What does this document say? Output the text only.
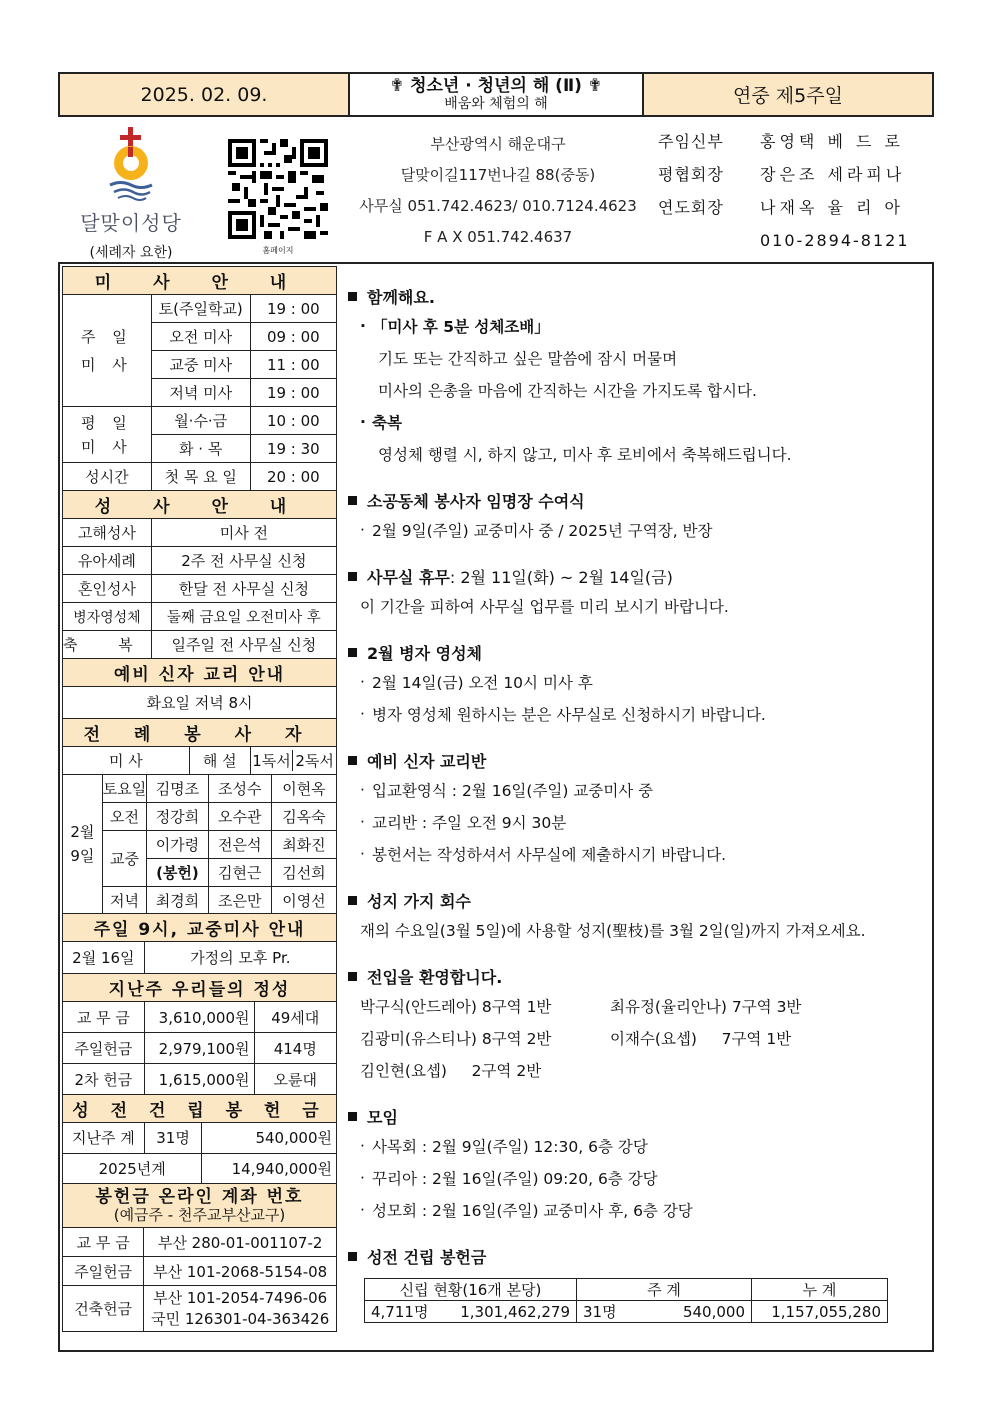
2025. 02. 09.	✟ 청소년 · 청년의 해 (Ⅱ) ✟
배움와 체험의 해	연중 제5주일
달맞이성당
(세례자 요한)	홈페이지
부산광역시 해운대구
달맞이길117번나길 88(중동)
사무실 051.742.4623/ 010.7124.4623
F A X 051.742.4637
주임신부	홍영택 베 드 로
평협회장	장은조 세라피나
연도회장	나재옥 율 리 아
010-2894-8121
미 사 안 내			
주 일
미 사	토(주일학교)		19 : 00
	오전 미사		09 : 00
	교중 미사		11 : 00
	저녁 미사		19 : 00
평 일
미 사	월·수·금		10 : 00
	화 · 목		19 : 30
성시간	첫 목 요 일		20 : 00
성 사 안 내			
고해성사	미사 전		
유아세례	2주 전 사무실 신청		
혼인성사	한달 전 사무실 신청		
병자영성체	둘째 금요일 오전미사 후		
축 복	일주일 전 사무실 신청		
예비 신자 교리 안내			
화요일 저녁 8시			
전 례 봉 사 자			
미 사		해 설	1독서 2독서
2월
9일	토요일	김명조	조성수	이현옥
	오전	정강희	오수관	김옥숙
	교중	이가령	전은석	최화진
		(봉헌)	김현근	김선희
	저녁	최경희	조은만	이영선
주일 9시, 교중미사 안내		
2월 16일	가정의 모후 Pr.	
지난주 우리들의 정성		
교 무 금	3,610,000원	49세대
주일헌금	2,979,100원	414명
2차 헌금	1,615,000원	오륜대
성 전 건 립 봉 헌 금		
지난주 계	31명	540,000원
2025년계		14,940,000원
봉헌금 온라인 계좌 번호
(예금주 - 천주교부산교구)	

교 무 금	부산 280-01-001107-2
주일헌금	부산 101-2068-5154-08
건축헌금	부산 101-2054-7496-06
국민 126301-04-363426
함께해요.
· 「미사 후 5분 성체조배」
기도 또는 간직하고 싶은 말씀에 잠시 머물며
미사의 은총을 마음에 간직하는 시간을 가지도록 합시다.
· 축복
영성체 행렬 시, 하지 않고, 미사 후 로비에서 축복해드립니다.
소공동체 봉사자 임명장 수여식
· 2월 9일(주일) 교중미사 중 / 2025년 구역장, 반장
사무실 휴무 : 2월 11일(화) ~ 2월 14일(금)
이 기간을 피하여 사무실 업무를 미리 보시기 바랍니다.
2월 병자 영성체
· 2월 14일(금) 오전 10시 미사 후
· 병자 영성체 원하시는 분은 사무실로 신청하시기 바랍니다.
예비 신자 교리반
· 입교환영식 : 2월 16일(주일) 교중미사 중
· 교리반 : 주일 오전 9시 30분
· 봉헌서는 작성하셔서 사무실에 제출하시기 바랍니다.
성지 가지 회수
재의 수요일(3월 5일)에 사용할 성지(聖枝)를 3월 2일(일)까지 가져오세요.
전입을 환영합니다.
박구식(안드레아) 8구역 1반	최유정(율리안나) 7구역 3반
김광미(유스티나) 8구역 2반	이재수(요셉)     7구역 1반
김인현(요셉)     2구역 2반
모임
· 사목회 : 2월 9일(주일) 12:30, 6층 강당
· 꾸리아 : 2월 16일(주일) 09:20, 6층 강당
· 성모회 : 2월 16일(주일) 교중미사 후, 6층 강당
성전 건립 봉헌금
신립 현황(16개 본당)		주 계		누 계
4,711명	1,301,462,279	31명	540,000	1,157,055,280
